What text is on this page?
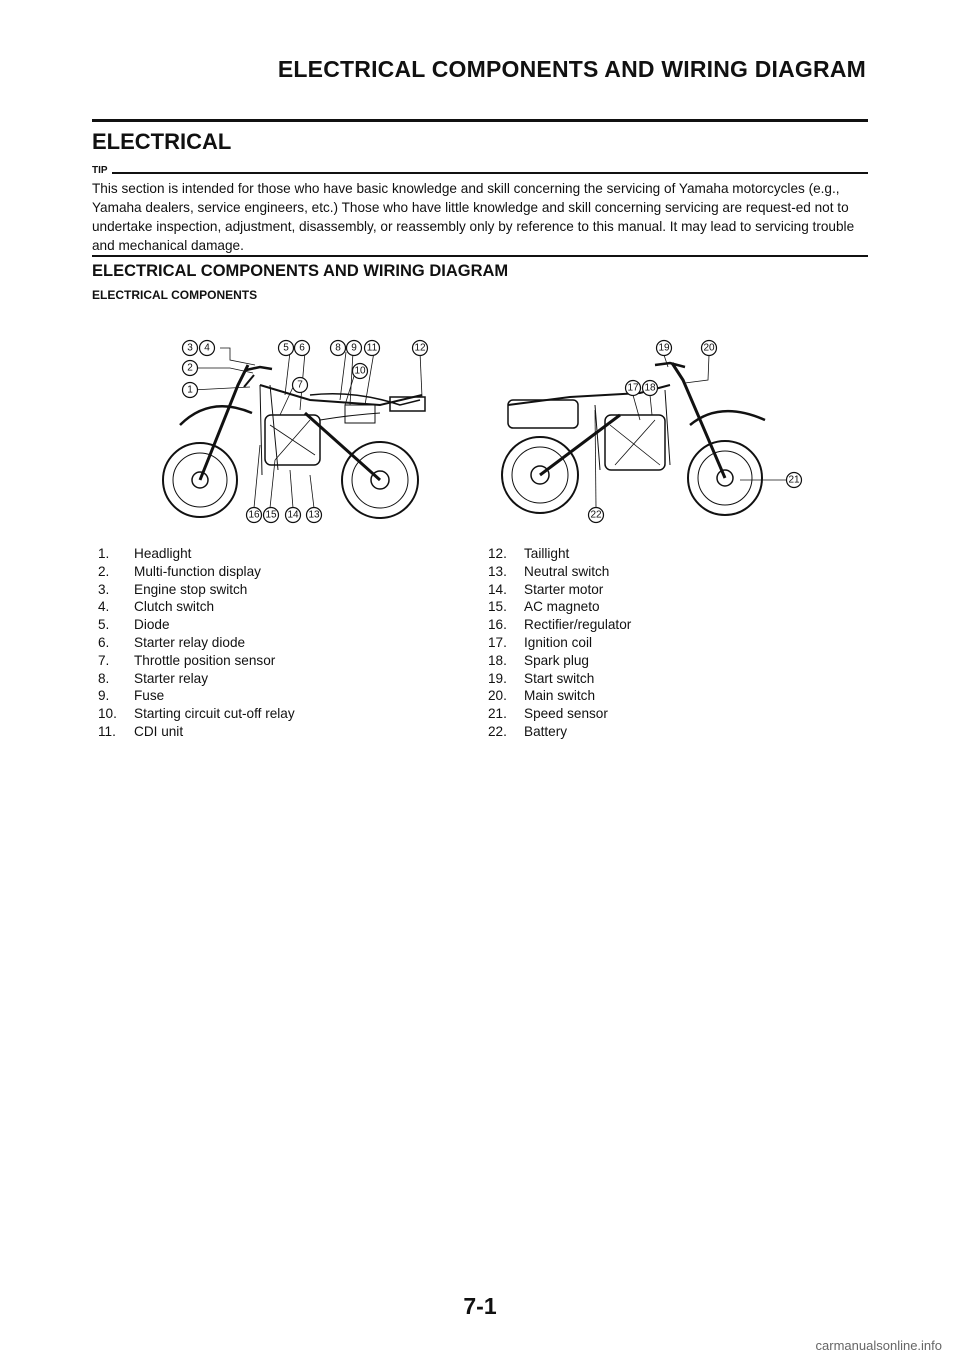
ELECTRICAL COMPONENTS AND WIRING DIAGRAM
ELECTRICAL
TIP
This section is intended for those who have basic knowledge and skill concerning the servicing of Yamaha motorcycles (e.g., Yamaha dealers, service engineers, etc.) Those who have little knowledge and skill concerning servicing are request-ed not to undertake inspection, adjustment, disassembly, or reassembly only by reference to this manual. It may lead to servicing trouble and mechanical damage.
ELECTRICAL COMPONENTS AND WIRING DIAGRAM
ELECTRICAL COMPONENTS
3 4	5 6	8 9 11	12
2
1	7
10
16 15 14 13
19	20
17 18
21
22
1.	Headlight
2.	Multi-function display
3.	Engine stop switch
4.	Clutch switch
5.	Diode
6.	Starter relay diode
7.	Throttle position sensor
8.	Starter relay
9.	Fuse
10.	Starting circuit cut-off relay
11.	CDI unit
12.	Taillight
13.	Neutral switch
14.	Starter motor
15.	AC magneto
16.	Rectifier/regulator
17.	Ignition coil
18.	Spark plug
19.	Start switch
20.	Main switch
21.	Speed sensor
22.	Battery
7-1
carmanualsonline.info
